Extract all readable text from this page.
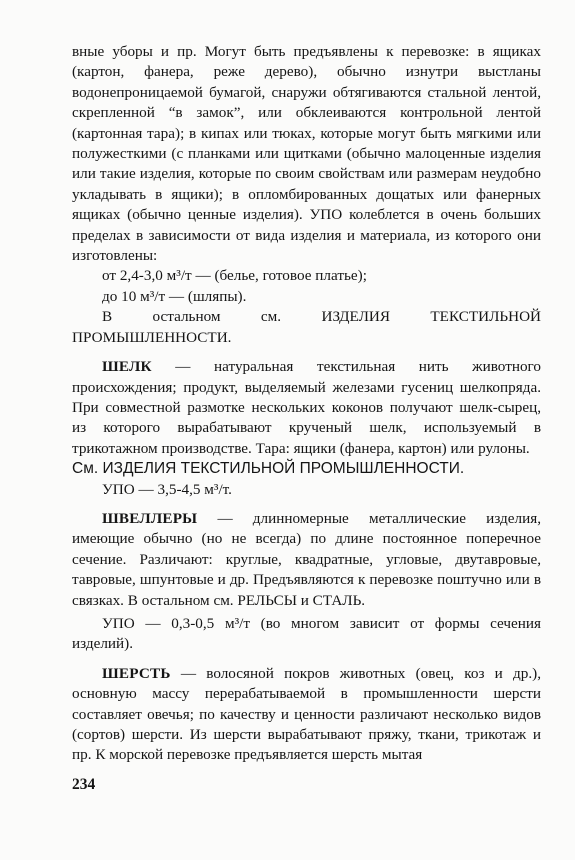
вные уборы и пр. Могут быть предъявлены к перевозке: в ящиках (картон, фанера, реже дерево), обычно изнутри выстланы водонепроницаемой бумагой, снаружи обтягиваются стальной лентой, скрепленной “в замок”, или обклеиваются контрольной лентой (картонная тара); в кипах или тюках, которые могут быть мягкими или полужесткими (с планками или щитками (обычно малоценные изделия или такие изделия, которые по своим свойствам или размерам неудобно укладывать в ящики); в опломбированных дощатых или фанерных ящиках (обычно ценные изделия). УПО колеблется в очень больших пределах в зависимости от вида изделия и материала, из которого они изготовлены:

от 2,4-3,0 м³/т — (белье, готовое платье);

до 10 м³/т — (шляпы).

В остальном см. ИЗДЕЛИЯ ТЕКСТИЛЬНОЙ ПРОМЫШЛЕННОСТИ.

ШЕЛК — натуральная текстильная нить животного происхождения; продукт, выделяемый железами гусениц шелкопряда. При совместной размотке нескольких коконов получают шелк-сырец, из которого вырабатывают крученый шелк, используемый в трикотажном производстве. Тара: ящики (фанера, картон) или рулоны.

См. ИЗДЕЛИЯ ТЕКСТИЛЬНОЙ ПРОМЫШЛЕННОСТИ.

УПО — 3,5-4,5 м³/т.

ШВЕЛЛЕРЫ — длинномерные металлические изделия, имеющие обычно (но не всегда) по длине постоянное поперечное сечение. Различают: круглые, квадратные, угловые, двутавровые, тавровые, шпунтовые и др. Предъявляются к перевозке поштучно или в связках. В остальном см. РЕЛЬСЫ и СТАЛЬ.

УПО — 0,3-0,5 м³/т (во многом зависит от формы сечения изделий).

ШЕРСТЬ — волосяной покров животных (овец, коз и др.), основную массу перерабатываемой в промышленности шерсти составляет овечья; по качеству и ценности различают несколько видов (сортов) шерсти. Из шерсти вырабатывают пряжу, ткани, трикотаж и пр. К морской перевозке предъявляется шерсть мытая

234
